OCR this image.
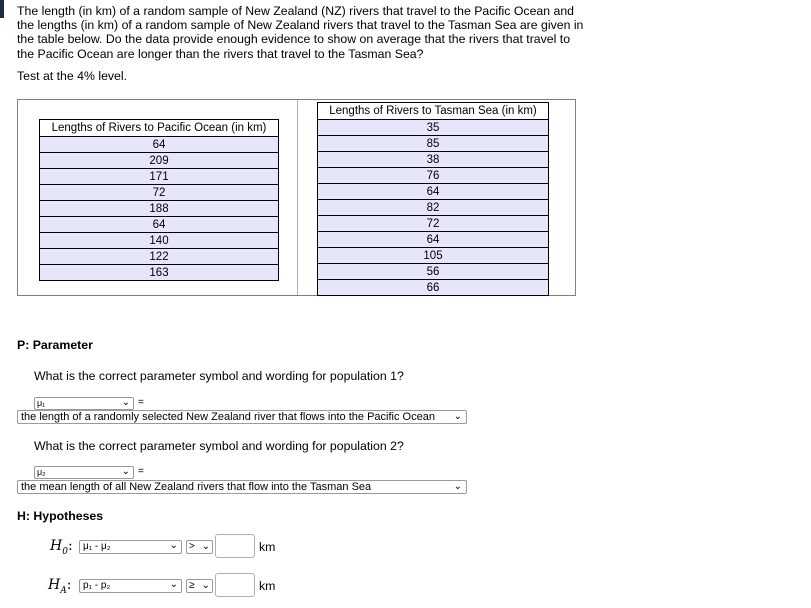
The length (in km) of a random sample of New Zealand (NZ) rivers that travel to the Pacific Ocean and the lengths (in km) of a random sample of New Zealand rivers that travel to the Tasman Sea are given in the table below. Do the data provide enough evidence to show on average that the rivers that travel to the Pacific Ocean are longer than the rivers that travel to the Tasman Sea?
Test at the 4% level.
Lengths of Rivers to Pacific Ocean (in km)
64
209
171
72
188
64
140
122
163
Lengths of Rivers to Tasman Sea (in km)
35
85
38
76
64
82
72
64
105
56
66
P: Parameter
What is the correct parameter symbol and wording for population 1?
μ₁	⌄ =
the length of a randomly selected New Zealand river that flows into the Pacific Ocean ⌄
What is the correct parameter symbol and wording for population 2?
μ₂	⌄ =
the mean length of all New Zealand rivers that flow into the Tasman Sea	⌄
H: Hypotheses
$H_0$:	μ₁ - μ₂	⌄	> ⌄	km
$H_A$:	p₁ - p₂	⌄	≥ ⌄	km
